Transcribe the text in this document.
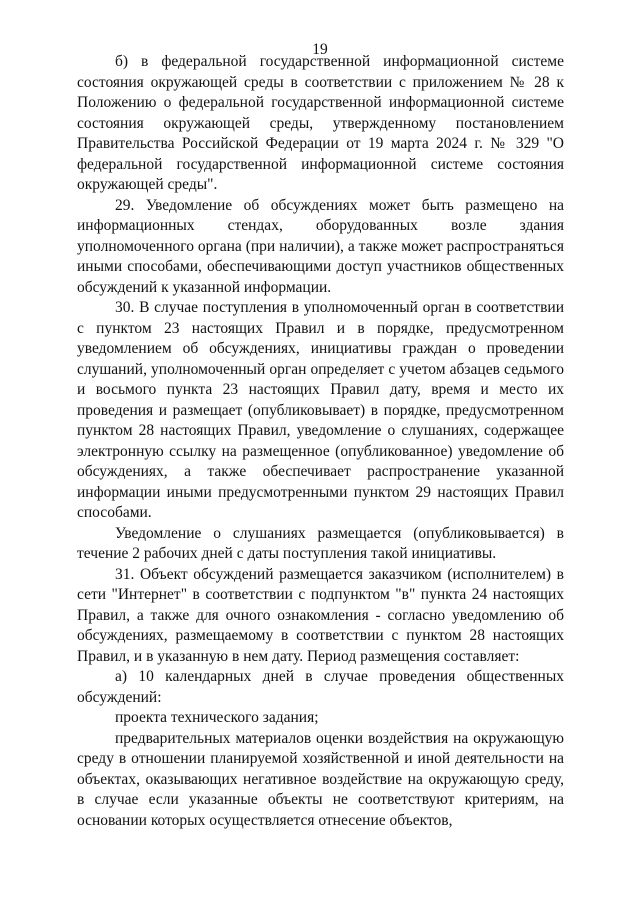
19

б) в федеральной государственной информационной системе состояния окружающей среды в соответствии с приложением № 28 к Положению о федеральной государственной информационной системе состояния окружающей среды, утвержденному постановлением Правительства Российской Федерации от 19 марта 2024 г. № 329 "О федеральной государственной информационной системе состояния окружающей среды".

29. Уведомление об обсуждениях может быть размещено на информационных стендах, оборудованных возле здания уполномоченного органа (при наличии), а также может распространяться иными способами, обеспечивающими доступ участников общественных обсуждений к указанной информации.

30. В случае поступления в уполномоченный орган в соответствии с пунктом 23 настоящих Правил и в порядке, предусмотренном уведомлением об обсуждениях, инициативы граждан о проведении слушаний, уполномоченный орган определяет с учетом абзацев седьмого и восьмого пункта 23 настоящих Правил дату, время и место их проведения и размещает (опубликовывает) в порядке, предусмотренном пунктом 28 настоящих Правил, уведомление о слушаниях, содержащее электронную ссылку на размещенное (опубликованное) уведомление об обсуждениях, а также обеспечивает распространение указанной информации иными предусмотренными пунктом 29 настоящих Правил способами.

Уведомление о слушаниях размещается (опубликовывается) в течение 2 рабочих дней с даты поступления такой инициативы.

31. Объект обсуждений размещается заказчиком (исполнителем) в сети "Интернет" в соответствии с подпунктом "в" пункта 24 настоящих Правил, а также для очного ознакомления - согласно уведомлению об обсуждениях, размещаемому в соответствии с пунктом 28 настоящих Правил, и в указанную в нем дату. Период размещения составляет:

а) 10 календарных дней в случае проведения общественных обсуждений:

проекта технического задания;

предварительных материалов оценки воздействия на окружающую среду в отношении планируемой хозяйственной и иной деятельности на объектах, оказывающих негативное воздействие на окружающую среду, в случае если указанные объекты не соответствуют критериям, на основании которых осуществляется отнесение объектов,
